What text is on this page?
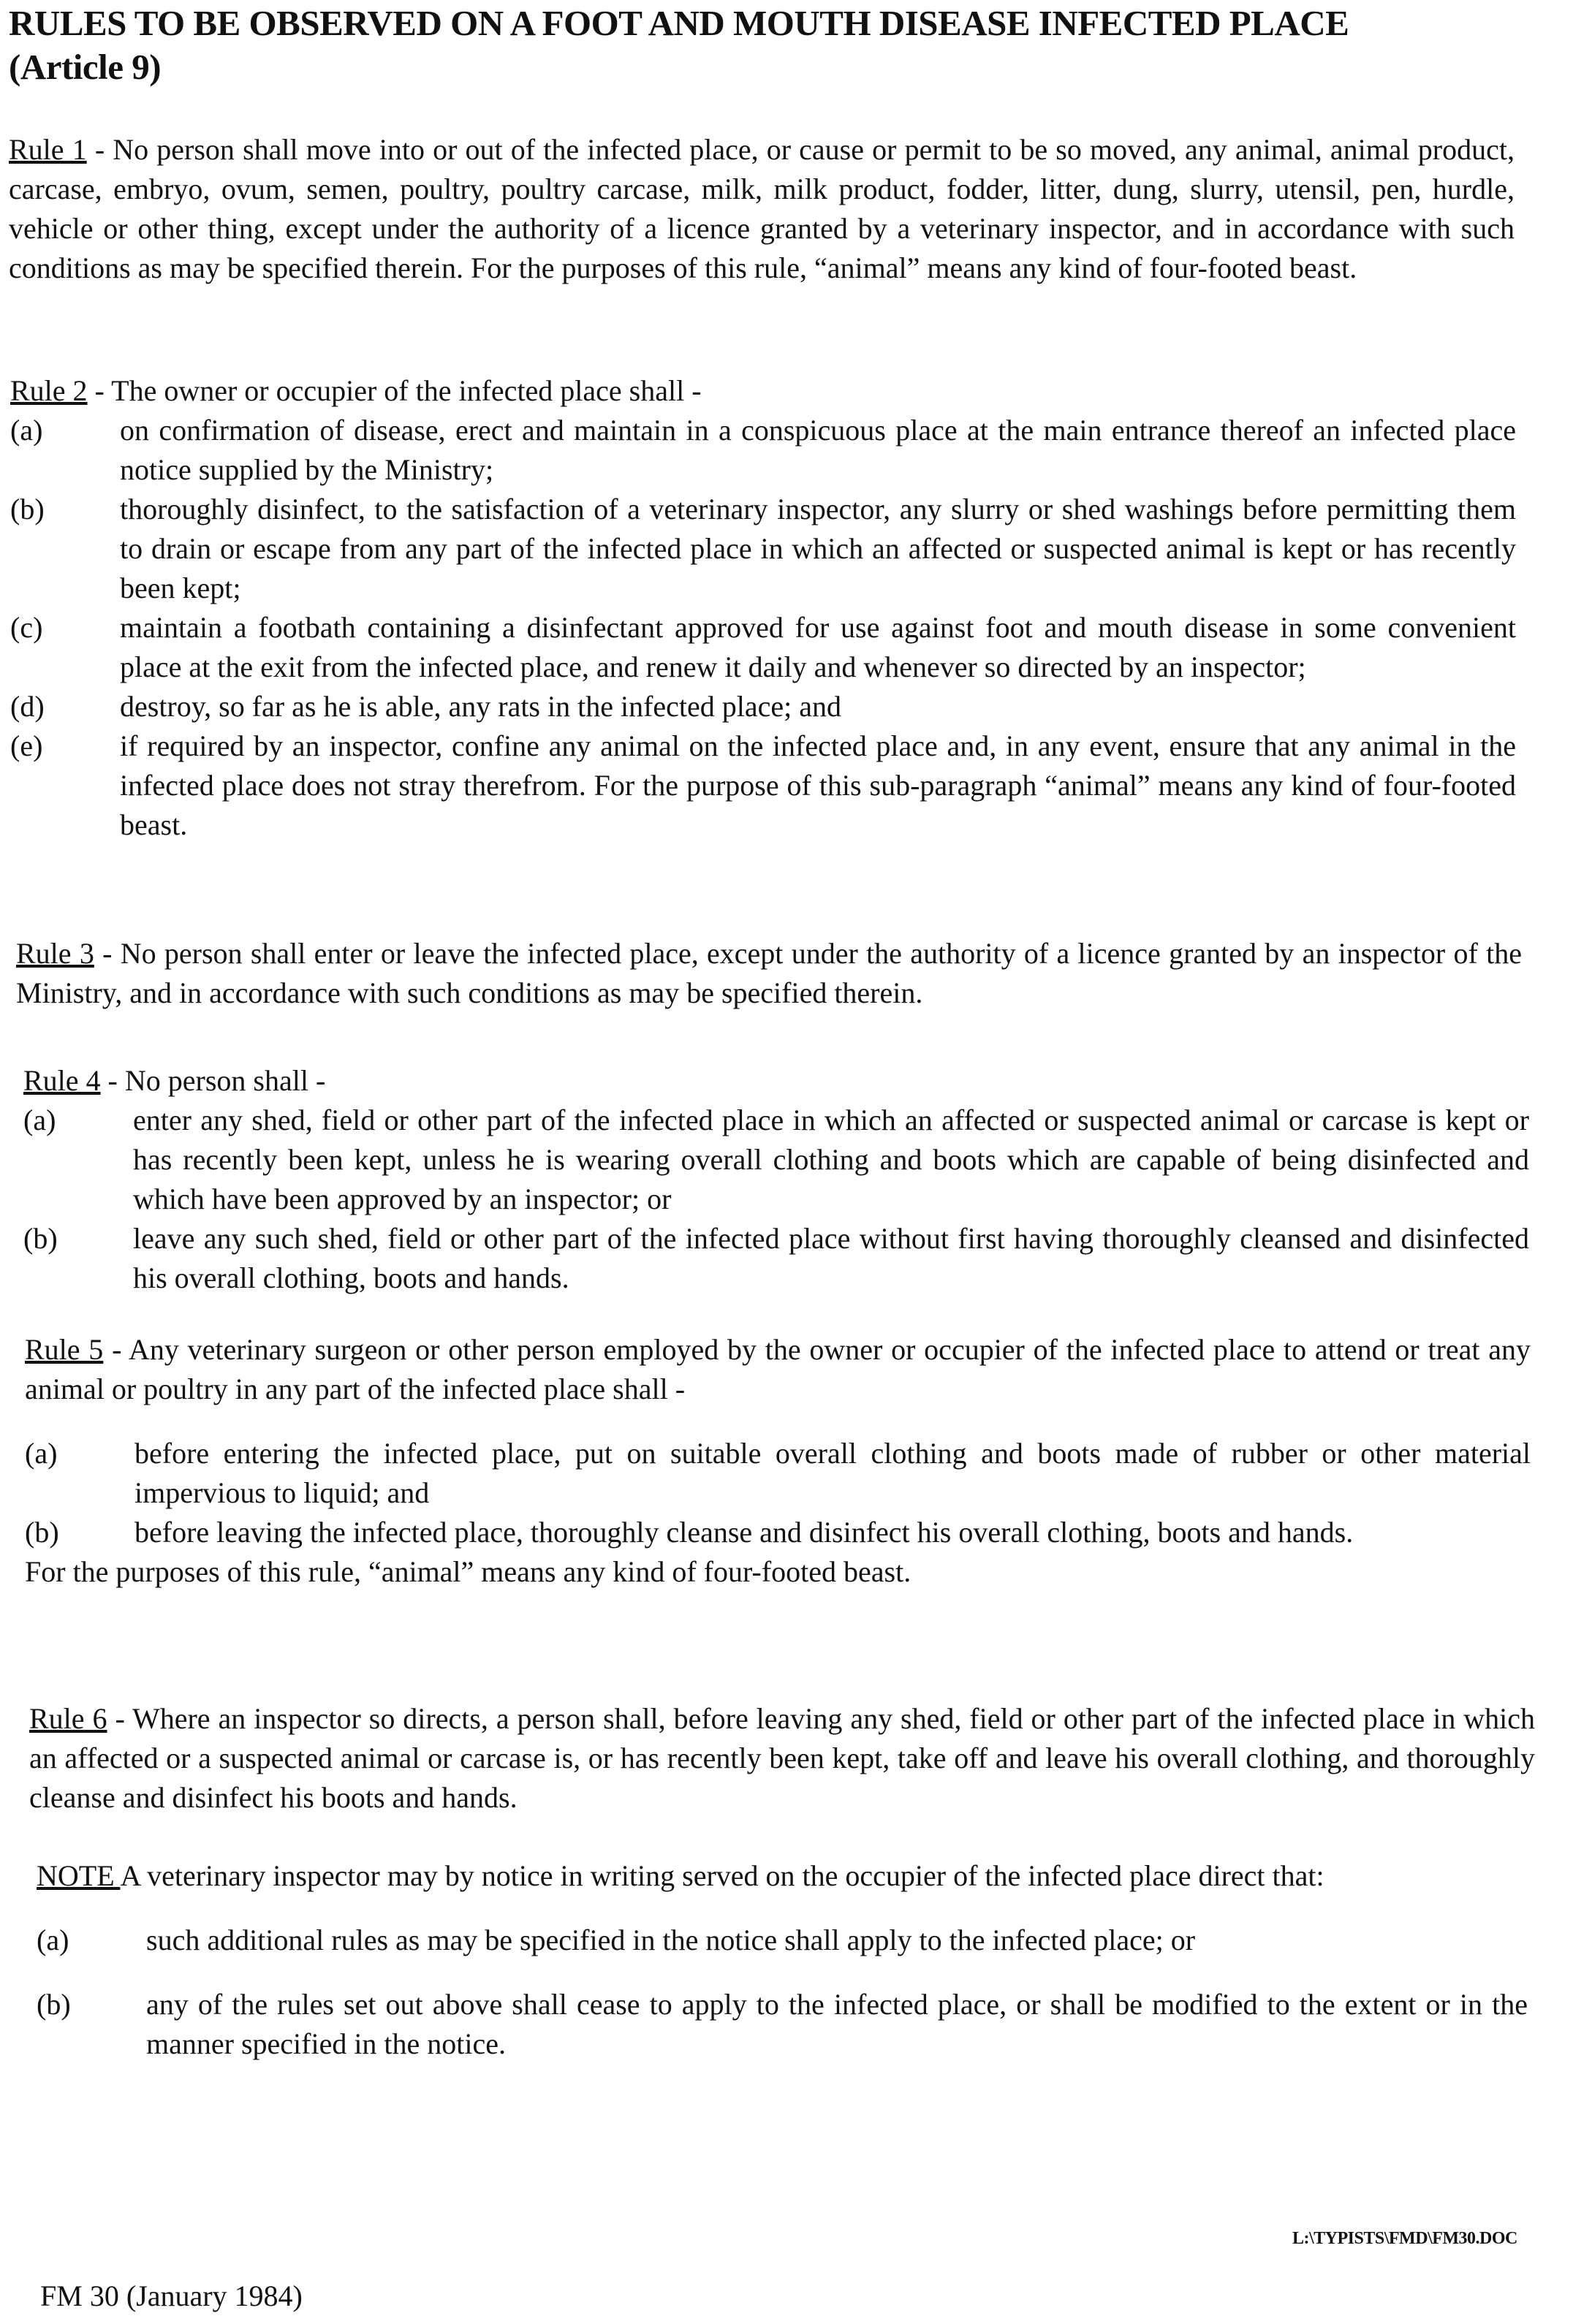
RULES TO BE OBSERVED ON A FOOT AND MOUTH DISEASE INFECTED PLACE
(Article 9)
Rule 1 - No person shall move into or out of the infected place, or cause or permit to be so moved, any animal, animal product, carcase, embryo, ovum, semen, poultry, poultry carcase, milk, milk product, fodder, litter, dung, slurry, utensil, pen, hurdle, vehicle or other thing, except under the authority of a licence granted by a veterinary inspector, and in accordance with such conditions as may be specified therein. For the purposes of this rule, “animal” means any kind of four-footed beast.
Rule 2 - The owner or occupier of the infected place shall -
(a)	on confirmation of disease, erect and maintain in a conspicuous place at the main entrance thereof an infected place notice supplied by the Ministry;
(b)	thoroughly disinfect, to the satisfaction of a veterinary inspector, any slurry or shed washings before permitting them to drain or escape from any part of the infected place in which an affected or suspected animal is kept or has recently been kept;
(c)	maintain a footbath containing a disinfectant approved for use against foot and mouth disease in some convenient place at the exit from the infected place, and renew it daily and whenever so directed by an inspector;
(d)	destroy, so far as he is able, any rats in the infected place; and
(e)	if required by an inspector, confine any animal on the infected place and, in any event, ensure that any animal in the infected place does not stray therefrom. For the purpose of this sub-paragraph “animal” means any kind of four-footed beast.
Rule 3 - No person shall enter or leave the infected place, except under the authority of a licence granted by an inspector of the Ministry, and in accordance with such conditions as may be specified therein.
Rule 4 - No person shall -
(a)	enter any shed, field or other part of the infected place in which an affected or suspected animal or carcase is kept or has recently been kept, unless he is wearing overall clothing and boots which are capable of being disinfected and which have been approved by an inspector; or
(b)	leave any such shed, field or other part of the infected place without first having thoroughly cleansed and disinfected his overall clothing, boots and hands.
Rule 5 - Any veterinary surgeon or other person employed by the owner or occupier of the infected place to attend or treat any animal or poultry in any part of the infected place shall -
(a)	before entering the infected place, put on suitable overall clothing and boots made of rubber or other material impervious to liquid; and
(b)	before leaving the infected place, thoroughly cleanse and disinfect his overall clothing, boots and hands.
For the purposes of this rule, “animal” means any kind of four-footed beast.
Rule 6 - Where an inspector so directs, a person shall, before leaving any shed, field or other part of the infected place in which an affected or a suspected animal or carcase is, or has recently been kept, take off and leave his overall clothing, and thoroughly cleanse and disinfect his boots and hands.
NOTE A veterinary inspector may by notice in writing served on the occupier of the infected place direct that:
(a)	such additional rules as may be specified in the notice shall apply to the infected place; or
(b)	any of the rules set out above shall cease to apply to the infected place, or shall be modified to the extent or in the manner specified in the notice.
L:\TYPISTS\FMD\FM30.DOC
FM 30 (January 1984)
